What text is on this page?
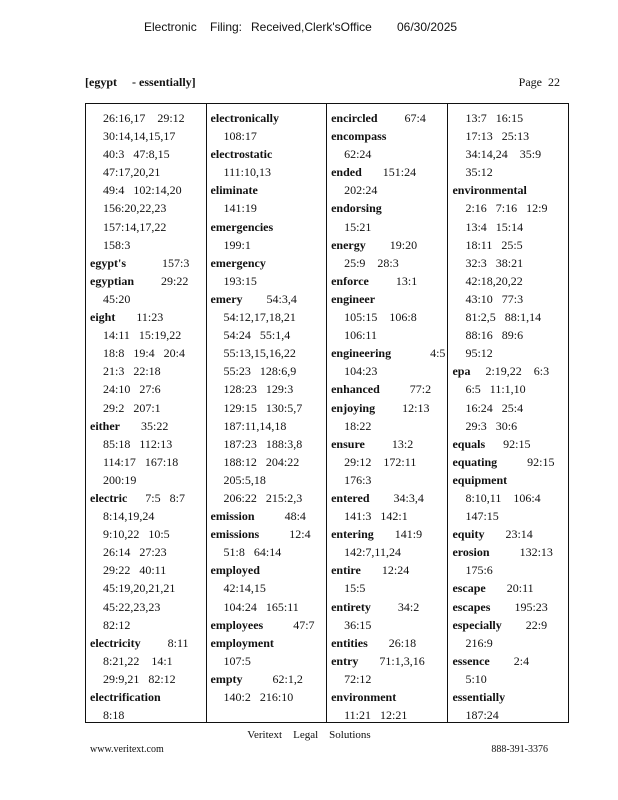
Electronic Filing: Received,Clerk'sOffice 06/30/2025
[egypt     - essentially]	Page  22
26:16,17    29:12
30:14,14,15,17
40:3   47:8,15
47:17,20,21
49:4   102:14,20
156:20,22,23
157:14,17,22
158:3
egypt's            157:3
egyptian         29:22
45:20
eight       11:23
14:11   15:19,22
18:8   19:4   20:4
21:3   22:18
24:10   27:6
29:2   207:1
either       35:22
85:18   112:13
114:17   167:18
200:19
electric      7:5   8:7
8:14,19,24
9:10,22   10:5
26:14   27:23
29:22   40:11
45:19,20,21,21
45:22,23,23
82:12
electricity         8:11
8:21,22    14:1
29:9,21   82:12
electrification
8:18
electronically
108:17
electrostatic
111:10,13
eliminate
141:19
emergencies
199:1
emergency
193:15
emery        54:3,4
54:12,17,18,21
54:24   55:1,4
55:13,15,16,22
55:23   128:6,9
128:23   129:3
129:15   130:5,7
187:11,14,18
187:23   188:3,8
188:12   204:22
205:5,18
206:22   215:2,3
emission          48:4
emissions          12:4
51:8   64:14
employed
42:14,15
104:24   165:11
employees          47:7
employment
107:5
empty          62:1,2
140:2   216:10
encircled         67:4
encompass
62:24
ended       151:24
202:24
endorsing
15:21
energy        19:20
25:9    28:3
enforce         13:1
engineer
105:15    106:8
106:11
engineering             4:5
104:23
enhanced          77:2
enjoying         12:13
18:22
ensure         13:2
29:12    172:11
176:3
entered        34:3,4
141:3   142:1
entering       141:9
142:7,11,24
entire       12:24
15:5
entirety         34:2
36:15
entities       26:18
entry       71:1,3,16
72:12
environment
11:21   12:21
13:7   16:15
17:13   25:13
34:14,24    35:9
35:12
environmental
2:16   7:16   12:9
13:4   15:14
18:11   25:5
32:3   38:21
42:18,20,22
43:10   77:3
81:2,5   88:1,14
88:16   89:6
95:12
epa     2:19,22    6:3
6:5   11:1,10
16:24   25:4
29:3   30:6
equals      92:15
equating          92:15
equipment
8:10,11    106:4
147:15
equity       23:14
erosion          132:13
175:6
escape       20:11
escapes        195:23
especially        22:9
216:9
essence        2:4
5:10
essentially
187:24
Veritext    Legal    Solutions
www.veritext.com	888-391-3376
